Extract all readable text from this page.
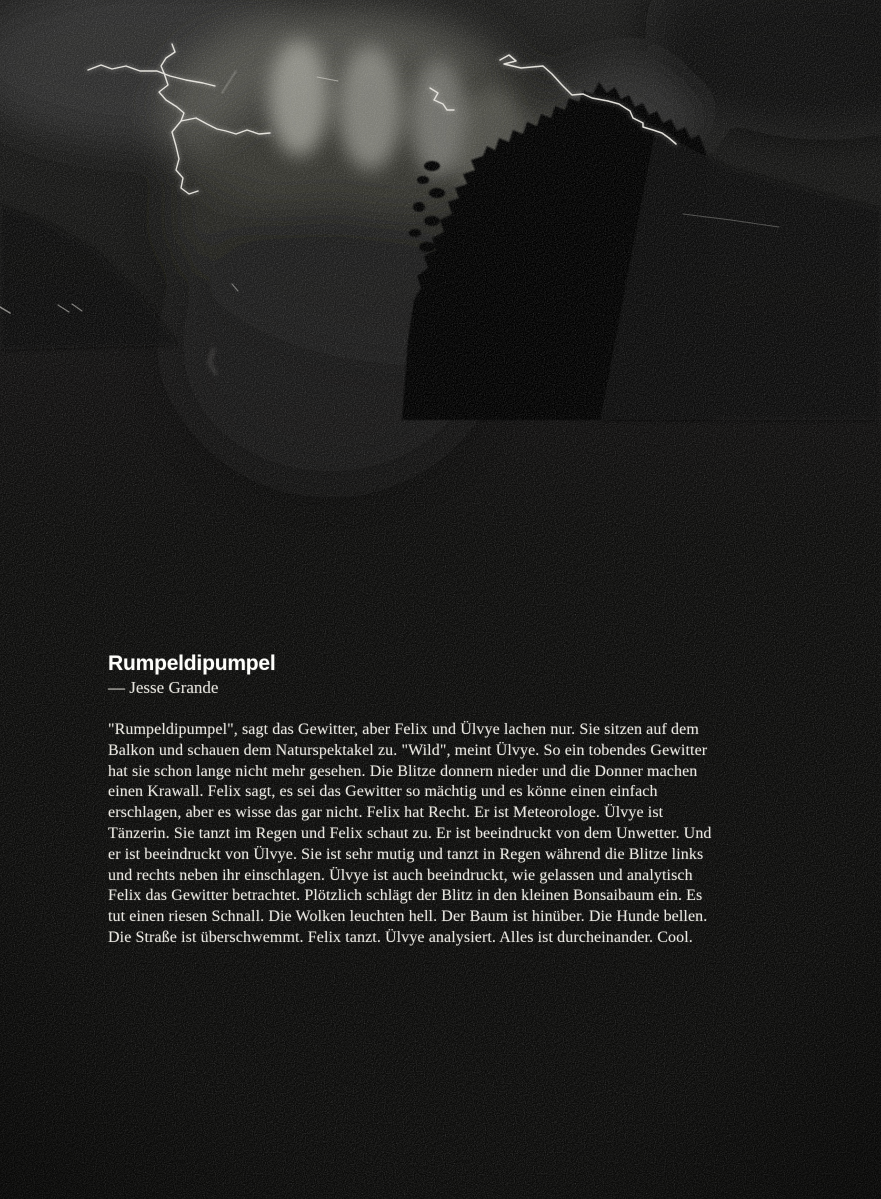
Rumpeldipumpel
— Jesse Grande
"Rumpeldipumpel", sagt das Gewitter, aber Felix und Ülvye lachen nur. Sie sitzen auf dem
Balkon und schauen dem Naturspektakel zu. "Wild", meint Ülvye. So ein tobendes Gewitter
hat sie schon lange nicht mehr gesehen. Die Blitze donnern nieder und die Donner machen
einen Krawall. Felix sagt, es sei das Gewitter so mächtig und es könne einen einfach
erschlagen, aber es wisse das gar nicht. Felix hat Recht. Er ist Meteorologe. Ülvye ist
Tänzerin. Sie tanzt im Regen und Felix schaut zu. Er ist beeindruckt von dem Unwetter. Und
er ist beeindruckt von Ülvye. Sie ist sehr mutig und tanzt in Regen während die Blitze links
und rechts neben ihr einschlagen. Ülvye ist auch beeindruckt, wie gelassen und analytisch
Felix das Gewitter betrachtet. Plötzlich schlägt der Blitz in den kleinen Bonsaibaum ein. Es
tut einen riesen Schnall. Die Wolken leuchten hell. Der Baum ist hinüber. Die Hunde bellen.
Die Straße ist überschwemmt. Felix tanzt. Ülvye analysiert. Alles ist durcheinander. Cool.
